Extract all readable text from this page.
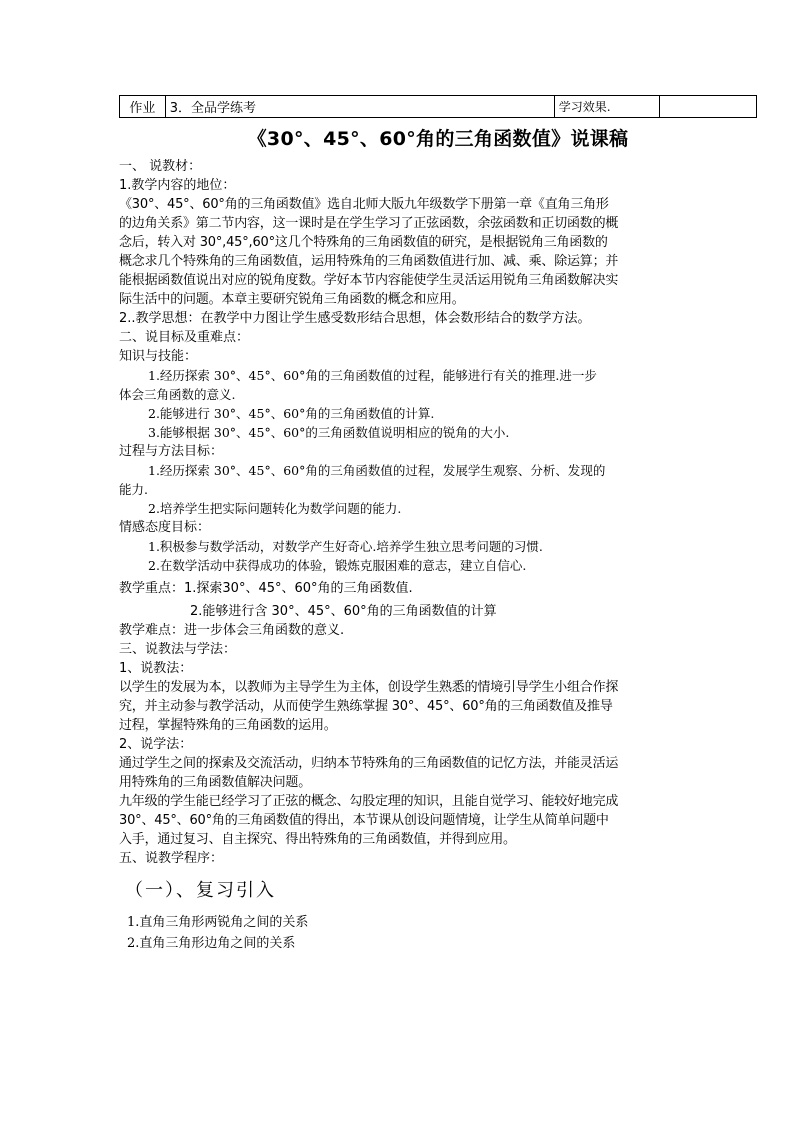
作业	3．全品学练考	学习效果.	
《30°、45°、60°角的三角函数值》说课稿
一、 说教材：
1.教学内容的地位：
《30°、45°、60°角的三角函数值》选自北师大版九年级数学下册第一章《直角三角形
的边角关系》第二节内容，这一课时是在学生学习了正弦函数，余弦函数和正切函数的概
念后，转入对 30°,45°,60°这几个特殊角的三角函数值的研究，是根据锐角三角函数的
概念求几个特殊角的三角函数值，运用特殊角的三角函数值进行加、减、乘、除运算；并
能根据函数值说出对应的锐角度数。学好本节内容能使学生灵活运用锐角三角函数解决实
际生活中的问题。本章主要研究锐角三角函数的概念和应用。
2..教学思想：在教学中力图让学生感受数形结合思想，体会数形结合的数学方法。
二、说目标及重难点：
知识与技能：
1.经历探索 30°、45°、60°角的三角函数值的过程，能够进行有关的推理.进一步
体会三角函数的意义.
2.能够进行 30°、45°、60°角的三角函数值的计算.
3.能够根据 30°、45°、60°的三角函数值说明相应的锐角的大小.
过程与方法目标：
1.经历探索 30°、45°、60°角的三角函数值的过程，发展学生观察、分析、发现的
能力.
2.培养学生把实际问题转化为数学问题的能力.
情感态度目标：
1.积极参与数学活动，对数学产生好奇心.培养学生独立思考问题的习惯.
2.在数学活动中获得成功的体验，锻炼克服困难的意志，建立自信心.
教学重点：1.探索30°、45°、60°角的三角函数值.
2.能够进行含 30°、45°、60°角的三角函数值的计算
教学难点：进一步体会三角函数的意义.
三、说教法与学法：
1、说教法：
以学生的发展为本，以教师为主导学生为主体，创设学生熟悉的情境引导学生小组合作探
究，并主动参与教学活动，从而使学生熟练掌握 30°、45°、60°角的三角函数值及推导
过程，掌握特殊角的三角函数的运用。
2、说学法：
通过学生之间的探索及交流活动，归纳本节特殊角的三角函数值的记忆方法，并能灵活运
用特殊角的三角函数值解决问题。
九年级的学生能已经学习了正弦的概念、勾股定理的知识，且能自觉学习、能较好地完成
30°、45°、60°角的三角函数值的得出，本节课从创设问题情境，让学生从简单问题中
入手，通过复习、自主探究、得出特殊角的三角函数值，并得到应用。
五、说教学程序：
（一）、复习引入
1.直角三角形两锐角之间的关系
2.直角三角形边角之间的关系
